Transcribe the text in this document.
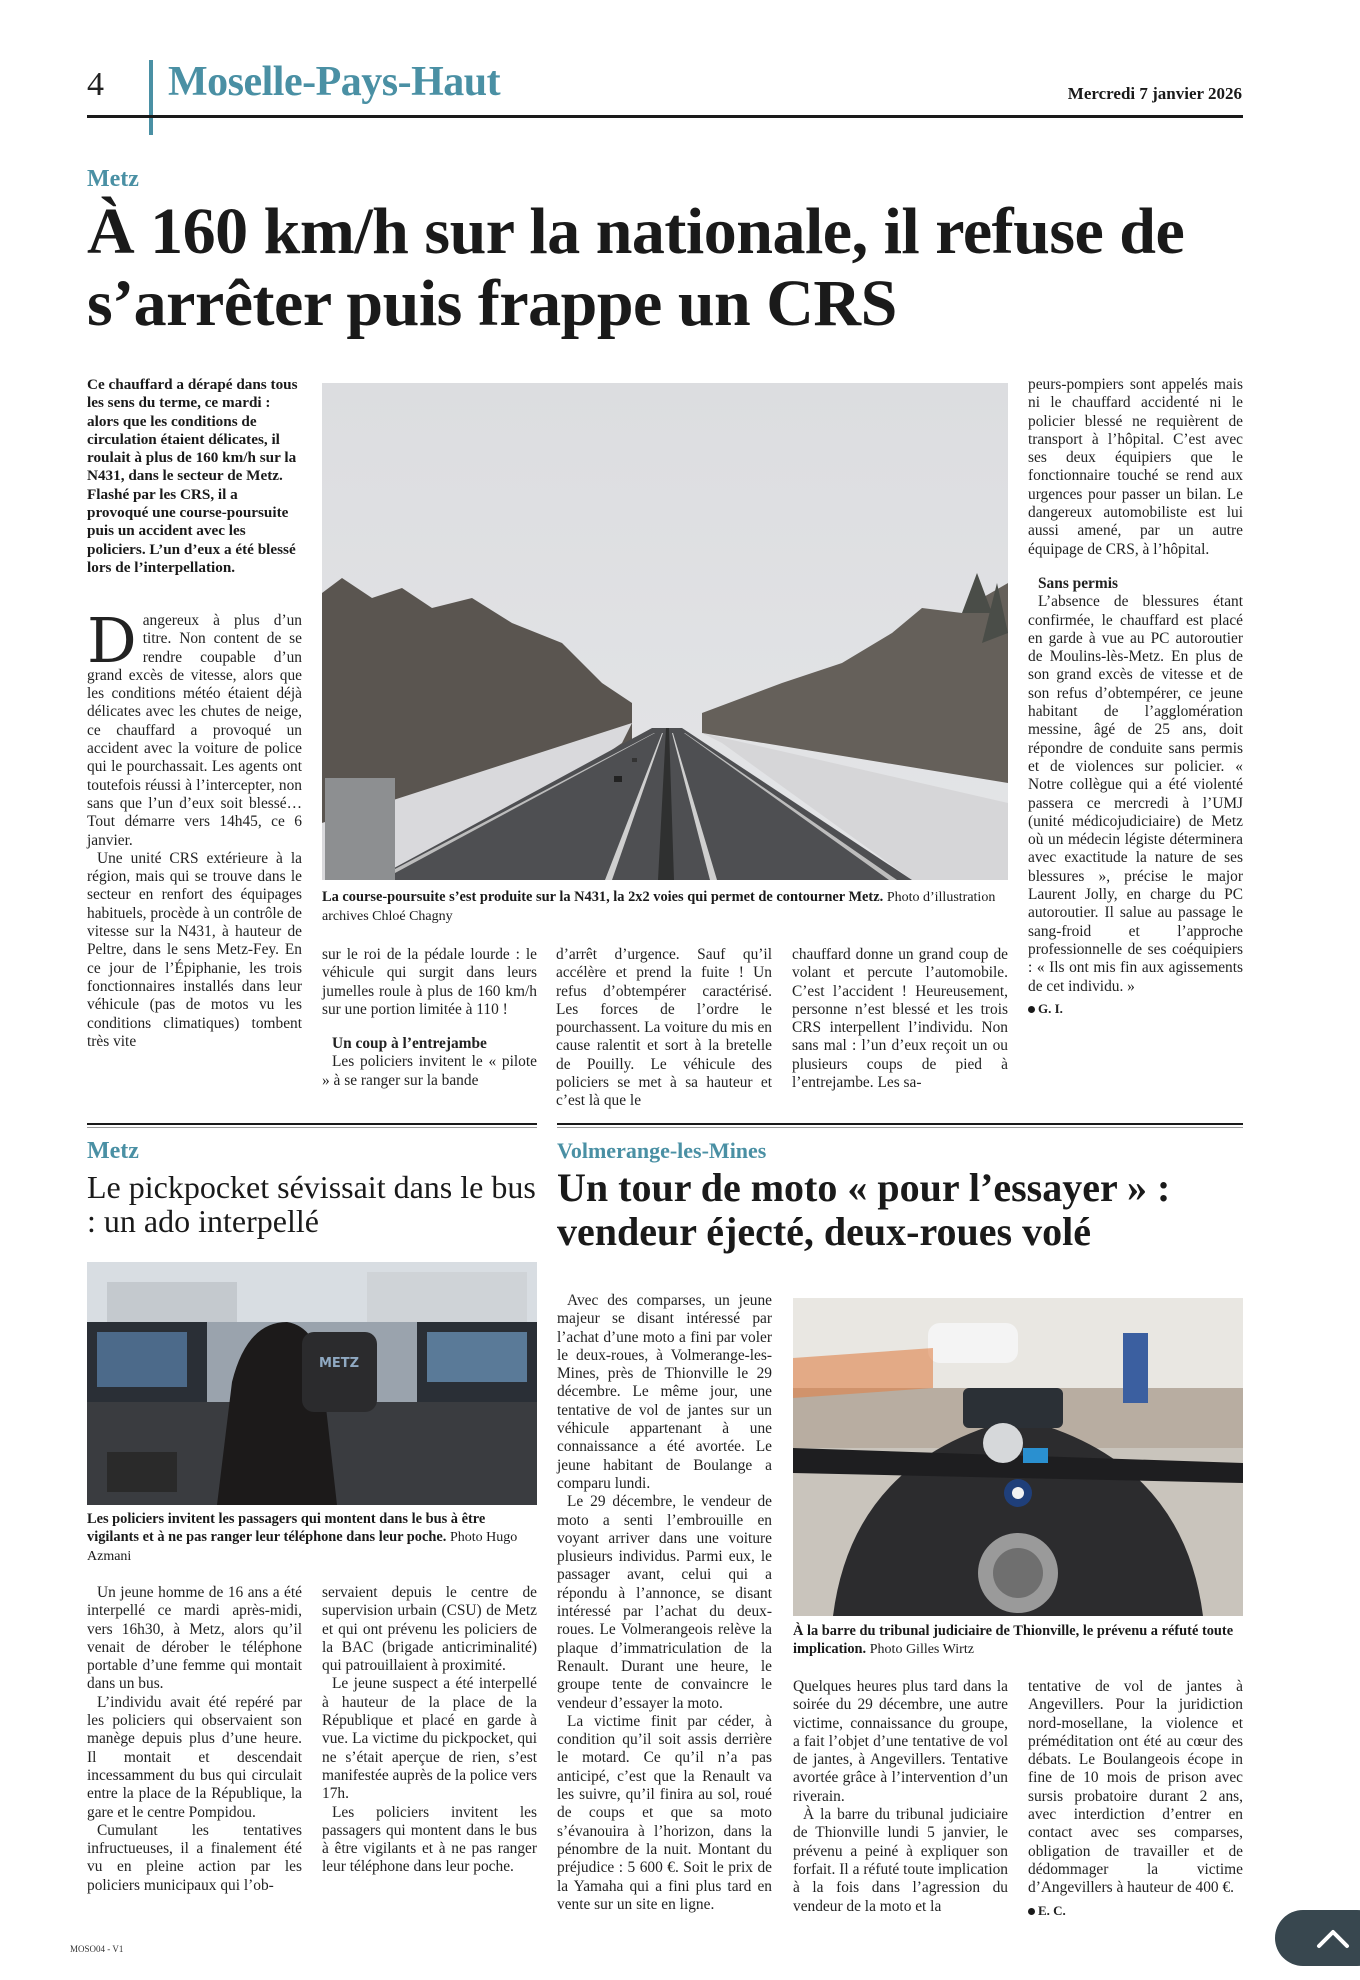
4 Moselle-Pays-Haut	Mercredi 7 janvier 2026
Metz
À 160 km/h sur la nationale, il refuse de s’arrêter puis frappe un CRS
Ce chauffard a dérapé dans tous les sens du terme, ce mardi : alors que les conditions de circulation étaient délicates, il roulait à plus de 160 km/h sur la N431, dans le secteur de Metz. Flashé par les CRS, il a provoqué une course-poursuite puis un accident avec les policiers. L’un d’eux a été blessé lors de l’interpellation.

Dangereux à plus d’un titre. Non content de se rendre coupable d’un grand excès de vitesse, alors que les conditions météo étaient déjà délicates avec les chutes de neige, ce chauffard a provoqué un accident avec la voiture de police qui le pourchassait. Les agents ont toutefois réussi à l’intercepter, non sans que l’un d’eux soit blessé… Tout démarre vers 14h45, ce 6 janvier.

Une unité CRS extérieure à la région, mais qui se trouve dans le secteur en renfort des équipages habituels, procède à un contrôle de vitesse sur la N431, à hauteur de Peltre, dans le sens Metz-Fey. En ce jour de l’Épiphanie, les trois fonctionnaires installés dans leur véhicule (pas de motos vu les conditions climatiques) tombent très vite

La course-poursuite s’est produite sur la N431, la 2x2 voies qui permet de contourner Metz. Photo d’illustration archives Chloé Chagny

sur le roi de la pédale lourde : le véhicule qui surgit dans leurs jumelles roule à plus de 160 km/h sur une portion limitée à 110 !

Un coup à l’entrejambe

Les policiers invitent le « pilote » à se ranger sur la bande

d’arrêt d’urgence. Sauf qu’il accélère et prend la fuite ! Un refus d’obtempérer caractérisé. Les forces de l’ordre le pourchassent. La voiture du mis en cause ralentit et sort à la bretelle de Pouilly. Le véhicule des policiers se met à sa hauteur et c’est là que le

chauffard donne un grand coup de volant et percute l’automobile. C’est l’accident ! Heureusement, personne n’est blessé et les trois CRS interpellent l’individu. Non sans mal : l’un d’eux reçoit un ou plusieurs coups de pied à l’entrejambe. Les sa-

peurs-pompiers sont appelés mais ni le chauffard accidenté ni le policier blessé ne requièrent de transport à l’hôpital. C’est avec ses deux équipiers que le fonctionnaire touché se rend aux urgences pour passer un bilan. Le dangereux automobiliste est lui aussi amené, par un autre équipage de CRS, à l’hôpital.

Sans permis

L’absence de blessures étant confirmée, le chauffard est placé en garde à vue au PC autoroutier de Moulins-lès-Metz. En plus de son grand excès de vitesse et de son refus d’obtempérer, ce jeune habitant de l’agglomération messine, âgé de 25 ans, doit répondre de conduite sans permis et de violences sur policier. « Notre collègue qui a été violenté passera ce mercredi à l’UMJ (unité médicojudiciaire) de Metz où un médecin légiste déterminera avec exactitude la nature de ses blessures », précise le major Laurent Jolly, en charge du PC autoroutier. Il salue au passage le sang-froid et l’approche professionnelle de ses coéquipiers : « Ils ont mis fin aux agissements de cet individu. »

G. I.
Metz
Le pickpocket sévissait dans le bus : un ado interpellé
METZ
Les policiers invitent les passagers qui montent dans le bus à être vigilants et à ne pas ranger leur téléphone dans leur poche. Photo Hugo Azmani

Un jeune homme de 16 ans a été interpellé ce mardi après-midi, vers 16h30, à Metz, alors qu’il venait de dérober le téléphone portable d’une femme qui montait dans un bus.

L’individu avait été repéré par les policiers qui observaient son manège depuis plus d’une heure. Il montait et descendait incessamment du bus qui circulait entre la place de la République, la gare et le centre Pompidou.

Cumulant les tentatives infructueuses, il a finalement été vu en pleine action par les policiers municipaux qui l’ob-

servaient depuis le centre de supervision urbain (CSU) de Metz et qui ont prévenu les policiers de la BAC (brigade anticriminalité) qui patrouillaient à proximité.

Le jeune suspect a été interpellé à hauteur de la place de la République et placé en garde à vue. La victime du pickpocket, qui ne s’était aperçue de rien, s’est manifestée auprès de la police vers 17h.

Les policiers invitent les passagers qui montent dans le bus à être vigilants et à ne pas ranger leur téléphone dans leur poche.

Volmerange-les-Mines
Un tour de moto « pour l’essayer » : vendeur éjecté, deux-roues volé

Avec des comparses, un jeune majeur se disant intéressé par l’achat d’une moto a fini par voler le deux-roues, à Volmerange-les-Mines, près de Thionville le 29 décembre. Le même jour, une tentative de vol de jantes sur un véhicule appartenant à une connaissance a été avortée. Le jeune habitant de Boulange a comparu lundi.

Le 29 décembre, le vendeur de moto a senti l’embrouille en voyant arriver dans une voiture plusieurs individus. Parmi eux, le passager avant, celui qui a répondu à l’annonce, se disant intéressé par l’achat du deux-roues. Le Volmerangeois relève la plaque d’immatriculation de la Renault. Durant une heure, le groupe tente de convaincre le vendeur d’essayer la moto.

La victime finit par céder, à condition qu’il soit assis derrière le motard. Ce qu’il n’a pas anticipé, c’est que la Renault va les suivre, qu’il finira au sol, roué de coups et que sa moto s’évanouira à l’horizon, dans la pénombre de la nuit. Montant du préjudice : 5 600 €. Soit le prix de la Yamaha qui a fini plus tard en vente sur un site en ligne.

À la barre du tribunal judiciaire de Thionville, le prévenu a réfuté toute implication. Photo Gilles Wirtz

Quelques heures plus tard dans la soirée du 29 décembre, une autre victime, connaissance du groupe, a fait l’objet d’une tentative de vol de jantes, à Angevillers. Tentative avortée grâce à l’intervention d’un riverain.

À la barre du tribunal judiciaire de Thionville lundi 5 janvier, le prévenu a peiné à expliquer son forfait. Il a réfuté toute implication à la fois dans l’agression du vendeur de la moto et la

tentative de vol de jantes à Angevillers. Pour la juridiction nord-mosellane, la violence et préméditation ont été au cœur des débats. Le Boulangeois écope in fine de 10 mois de prison avec sursis probatoire durant 2 ans, avec interdiction d’entrer en contact avec ses comparses, obligation de travailler et de dédommager la victime d’Angevillers à hauteur de 400 €.

E. C.
MOSO04 - V1
